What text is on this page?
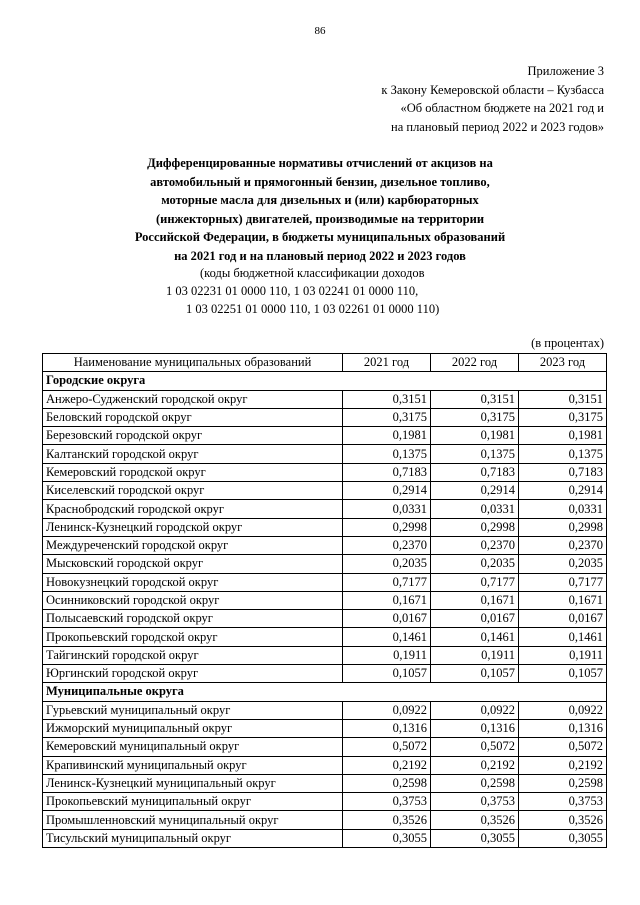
86
Приложение 3
к Закону Кемеровской области – Кузбасса
«Об областном бюджете на 2021 год и
на плановый период 2022 и 2023 годов»
Дифференцированные нормативы отчислений от акцизов на
автомобильный и прямогонный бензин, дизельное топливо,
моторные масла для дизельных и (или) карбюраторных
(инжекторных) двигателей, производимые на территории
Российской Федерации, в бюджеты муниципальных образований
на 2021 год и на плановый период 2022 и 2023 годов
(коды бюджетной классификации доходов
1 03 02231 01 0000 110, 1 03 02241 01 0000 110,
1 03 02251 01 0000 110, 1 03 02261 01 0000 110)
(в процентах)
Наименование муниципальных образований	2021 год	2022 год	2023 год
Городские округа			
Анжеро-Судженский городской округ	0,3151	0,3151	0,3151
Беловский городской округ	0,3175	0,3175	0,3175
Березовский городской округ	0,1981	0,1981	0,1981
Калтанский городской округ	0,1375	0,1375	0,1375
Кемеровский городской округ	0,7183	0,7183	0,7183
Киселевский городской округ	0,2914	0,2914	0,2914
Краснобродский городской округ	0,0331	0,0331	0,0331
Ленинск-Кузнецкий городской округ	0,2998	0,2998	0,2998
Междуреченский городской округ	0,2370	0,2370	0,2370
Мысковский городской округ	0,2035	0,2035	0,2035
Новокузнецкий городской округ	0,7177	0,7177	0,7177
Осинниковский городской округ	0,1671	0,1671	0,1671
Полысаевский городской округ	0,0167	0,0167	0,0167
Прокопьевский городской округ	0,1461	0,1461	0,1461
Тайгинский городской округ	0,1911	0,1911	0,1911
Юргинский городской округ	0,1057	0,1057	0,1057
Муниципальные округа			
Гурьевский муниципальный округ	0,0922	0,0922	0,0922
Ижморский муниципальный округ	0,1316	0,1316	0,1316
Кемеровский муниципальный округ	0,5072	0,5072	0,5072
Крапивинский муниципальный округ	0,2192	0,2192	0,2192
Ленинск-Кузнецкий муниципальный округ	0,2598	0,2598	0,2598
Прокопьевский муниципальный округ	0,3753	0,3753	0,3753
Промышленновский муниципальный округ	0,3526	0,3526	0,3526
Тисульский муниципальный округ	0,3055	0,3055	0,3055
